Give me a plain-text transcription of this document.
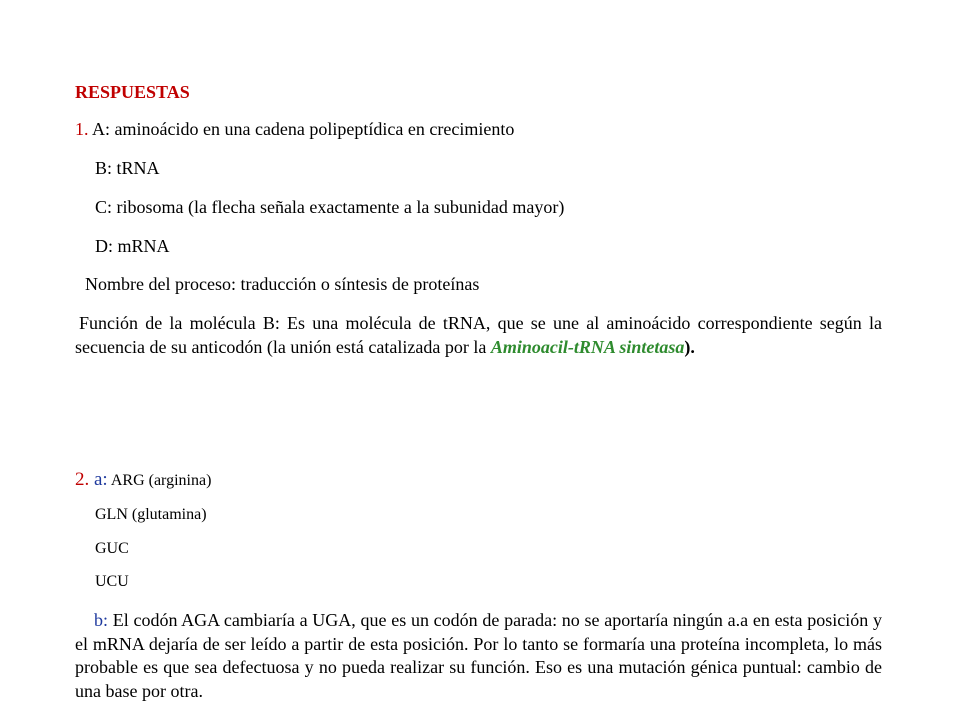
RESPUESTAS
1. A: aminoácido en una cadena polipeptídica en crecimiento
B: tRNA
C: ribosoma (la flecha señala exactamente a la subunidad mayor)
D: mRNA
Nombre del proceso: traducción o síntesis de proteínas
Función de la molécula B: Es una molécula de tRNA, que se une al aminoácido correspondiente según la secuencia de su anticodón (la unión está catalizada por la Aminoacil-tRNA sintetasa).
2. a: ARG (arginina)
GLN (glutamina)
GUC
UCU
b: El codón AGA cambiaría a UGA, que es un codón de parada: no se aportaría ningún a.a en esta posición y el mRNA dejaría de ser leído a partir de esta posición. Por lo tanto se formaría una proteína incompleta, lo más probable es que sea defectuosa y no pueda realizar su función. Eso es una mutación génica puntual: cambio de una base por otra.
